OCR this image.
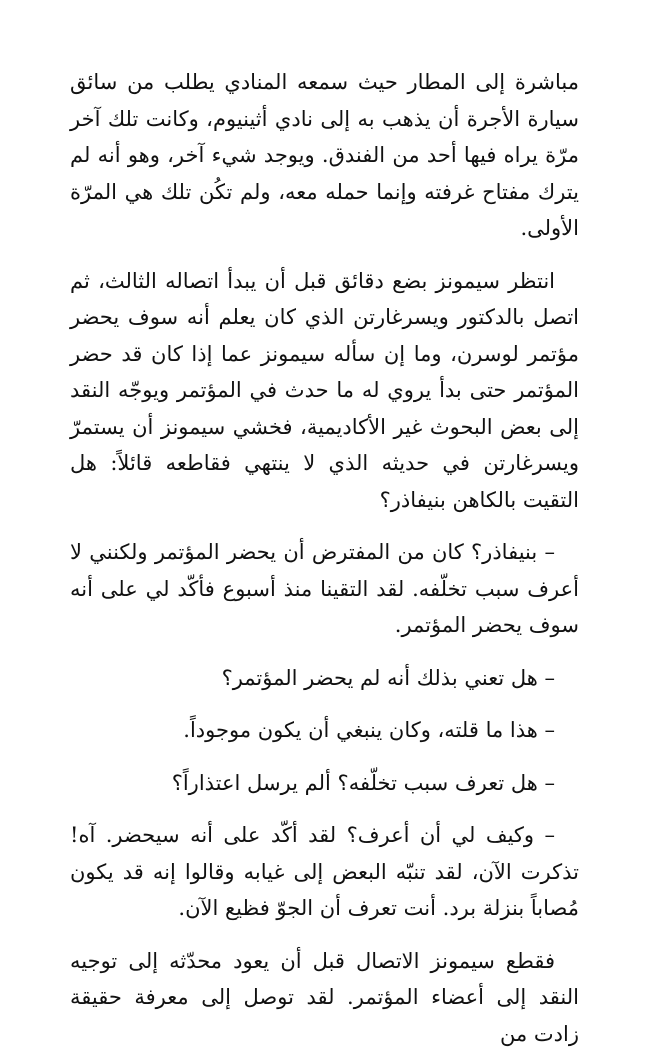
مباشرة إلى المطار حيث سمعه المنادي يطلب من سائق سيارة الأجرة أن يذهب به إلى نادي أثينيوم، وكانت تلك آخر مرّة يراه فيها أحد من الفندق. ويوجد شيء آخر، وهو أنه لم يترك مفتاح غرفته وإنما حمله معه، ولم تكُن تلك هي المرّة الأولى.

انتظر سيمونز بضع دقائق قبل أن يبدأ اتصاله الثالث، ثم اتصل بالدكتور ويسرغارتن الذي كان يعلم أنه سوف يحضر مؤتمر لوسرن، وما إن سأله سيمونز عما إذا كان قد حضر المؤتمر حتى بدأ يروي له ما حدث في المؤتمر ويوجّه النقد إلى بعض البحوث غير الأكاديمية، فخشي سيمونز أن يستمرّ ويسرغارتن في حديثه الذي لا ينتهي فقاطعه قائلاً: هل التقيت بالكاهن بنيفاذر؟

– بنيفاذر؟ كان من المفترض أن يحضر المؤتمر ولكنني لا أعرف سبب تخلّفه. لقد التقينا منذ أسبوع فأكّد لي على أنه سوف يحضر المؤتمر.

– هل تعني بذلك أنه لم يحضر المؤتمر؟

– هذا ما قلته، وكان ينبغي أن يكون موجوداً.

– هل تعرف سبب تخلّفه؟ ألم يرسل اعتذاراً؟

– وكيف لي أن أعرف؟ لقد أكّد على أنه سيحضر. آه! تذكرت الآن، لقد تنبّه البعض إلى غيابه وقالوا إنه قد يكون مُصاباً بنزلة برد. أنت تعرف أن الجوّ فظيع الآن.

فقطع سيمونز الاتصال قبل أن يعود محدّثه إلى توجيه النقد إلى أعضاء المؤتمر. لقد توصل إلى معرفة حقيقة زادت من
